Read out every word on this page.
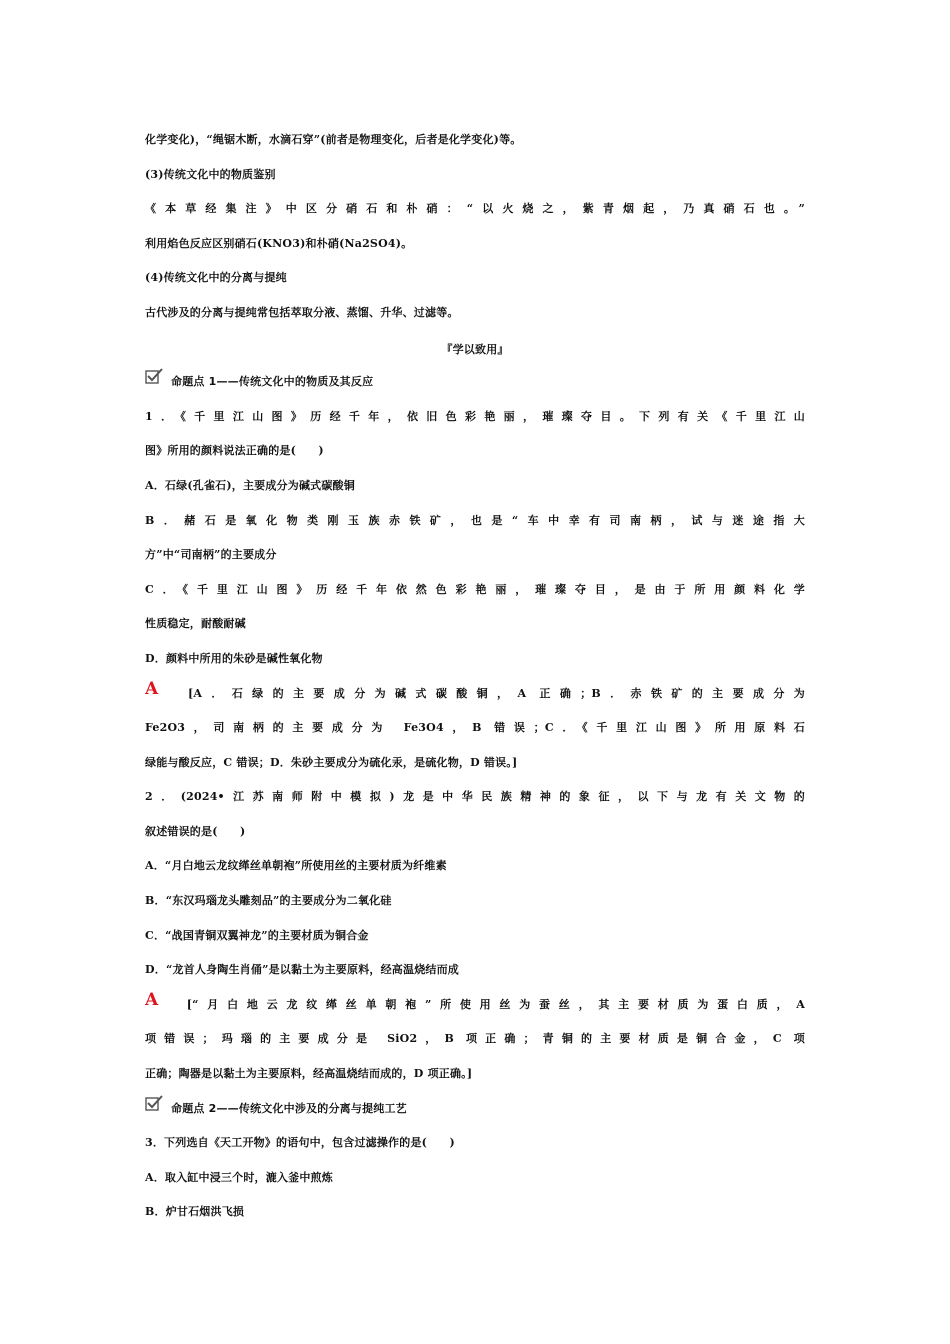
$_{化学变化),“绳锯木断,水滴石穿”(前者是物理变化,后者是化学变化)等。}$
$_{(3)传统文化中的物质鉴别}$
$_{《本草经集注》中区分硝石和朴硝:“以火烧之,紫青烟起,乃真硝石也。”}$
$_{利用焰色反应区别硝石(KNO3)和朴硝(Na2SO4)。}$
$_{(4)传统文化中的分离与提纯}$
$_{古代涉及的分离与提纯常包括萃取分液、蒸馏、升华、过滤等。}$
$_{『学以致用』}$
$_{命题点 1——传统文化中的物质及其反应}$
$_{1.《千里江山图》历经千年,依旧色彩艳丽,璀璨夺目。下列有关《千里江山}$
$_{图》所用的颜料说法正确的是( )}$
$_{A.石绿(孔雀石),主要成分为碱式碳酸铜}$
$_{B.赭石是氧化物类刚玉族赤铁矿,也是“车中幸有司南柄,试与迷途指大}$
$_{方”中“司南柄”的主要成分}$
$_{C.《千里江山图》历经千年依然色彩艳丽,璀璨夺目,是由于所用颜料化学}$
$_{性质稳定,耐酸耐碱}$
$_{D.颜料中所用的朱砂是碱性氧化物}$
A　$_{[A.石绿的主要成分为碱式碳酸铜,A 正确;B.赤铁矿的主要成分为}$
$_{Fe2O3,司南柄的主要成分为 Fe3O4,B 错误;C.《千里江山图》所用原料石}$
$_{绿能与酸反应,C 错误;D.朱砂主要成分为硫化汞,是硫化物,D 错误。]}$
$_{2.(2024•江苏南师附中模拟)龙是中华民族精神的象征,以下与龙有关文物的}$
$_{叙述错误的是( )}$
$_{A.“月白地云龙纹缂丝单朝袍”所使用丝的主要材质为纤维素}$
$_{B.“东汉玛瑙龙头雕刻品”的主要成分为二氧化硅}$
$_{C.“战国青铜双翼神龙”的主要材质为铜合金}$
$_{D.“龙首人身陶生肖俑”是以黏土为主要原料,经高温烧结而成}$
A　$_{[“月白地云龙纹缂丝单朝袍”所使用丝为蚕丝,其主要材质为蛋白质,A}$
$_{项错误;玛瑙的主要成分是 SiO2,B 项正确;青铜的主要材质是铜合金,C 项}$
$_{正确;陶器是以黏土为主要原料,经高温烧结而成的,D 项正确。]}$
$_{命题点 2——传统文化中涉及的分离与提纯工艺}$
$_{3.下列选自《天工开物》的语句中,包含过滤操作的是( )}$
$_{A.取入缸中浸三个时,漉入釜中煎炼}$
$_{B.炉甘石烟洪飞损}$
